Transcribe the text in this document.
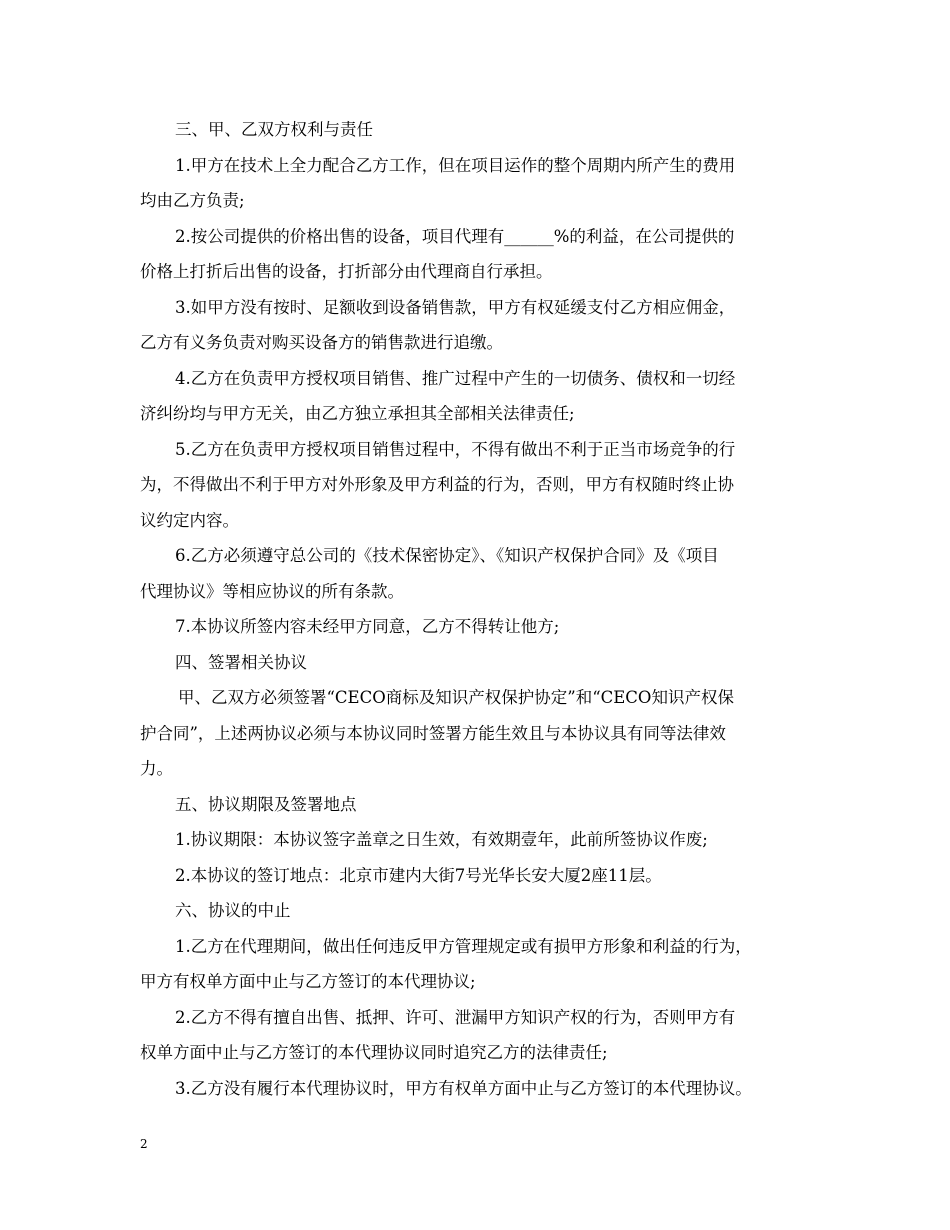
三、甲、乙双方权利与责任
1.甲方在技术上全力配合乙方工作，但在项目运作的整个周期内所产生的费用
均由乙方负责;
2.按公司提供的价格出售的设备，项目代理有______%的利益，在公司提供的
价格上打折后出售的设备，打折部分由代理商自行承担。
3.如甲方没有按时、足额收到设备销售款，甲方有权延缓支付乙方相应佣金，
乙方有义务负责对购买设备方的销售款进行追缴。
4.乙方在负责甲方授权项目销售、推广过程中产生的一切债务、债权和一切经
济纠纷均与甲方无关，由乙方独立承担其全部相关法律责任;
5.乙方在负责甲方授权项目销售过程中，不得有做出不利于正当市场竞争的行
为，不得做出不利于甲方对外形象及甲方利益的行为，否则，甲方有权随时终止协
议约定内容。
6.乙方必须遵守总公司的《技术保密协定》、《知识产权保护合同》及《项目
代理协议》等相应协议的所有条款。
7.本协议所签内容未经甲方同意，乙方不得转让他方;
四、签署相关协议
甲、乙双方必须签署“CECO商标及知识产权保护协定”和“CECO知识产权保
护合同”，上述两协议必须与本协议同时签署方能生效且与本协议具有同等法律效
力。
五、协议期限及签署地点
1.协议期限：本协议签字盖章之日生效，有效期壹年，此前所签协议作废;
2.本协议的签订地点：北京市建内大街7号光华长安大厦2座11层。
六、协议的中止
1.乙方在代理期间，做出任何违反甲方管理规定或有损甲方形象和利益的行为，
甲方有权单方面中止与乙方签订的本代理协议;
2.乙方不得有擅自出售、抵押、许可、泄漏甲方知识产权的行为，否则甲方有
权单方面中止与乙方签订的本代理协议同时追究乙方的法律责任;
3.乙方没有履行本代理协议时，甲方有权单方面中止与乙方签订的本代理协议。
2
